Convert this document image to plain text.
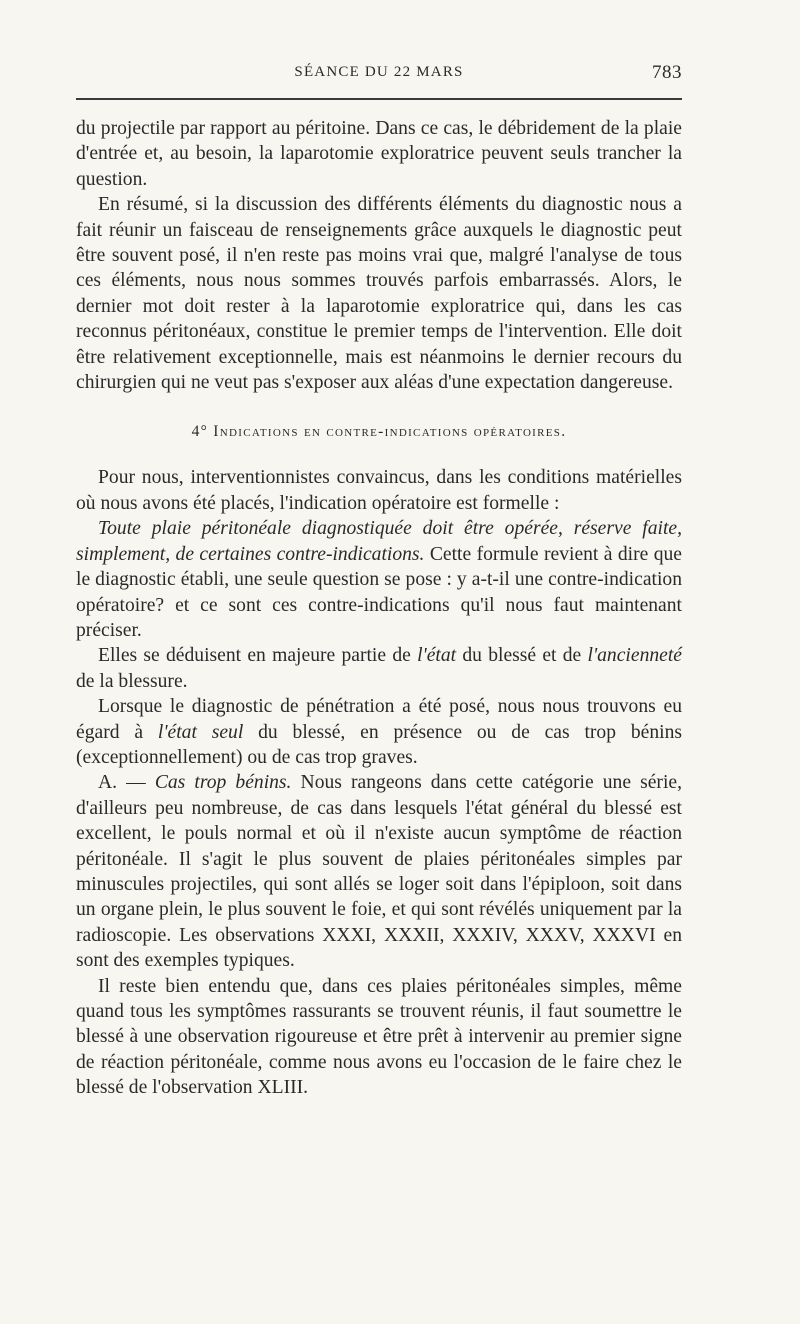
SÉANCE DU 22 MARS	783

du projectile par rapport au péritoine. Dans ce cas, le débridement de la plaie d'entrée et, au besoin, la laparotomie exploratrice peuvent seuls trancher la question.

En résumé, si la discussion des différents éléments du diagnostic nous a fait réunir un faisceau de renseignements grâce auxquels le diagnostic peut être souvent posé, il n'en reste pas moins vrai que, malgré l'analyse de tous ces éléments, nous nous sommes trouvés parfois embarrassés. Alors, le dernier mot doit rester à la laparotomie exploratrice qui, dans les cas reconnus péritonéaux, constitue le premier temps de l'intervention. Elle doit être relativement exceptionnelle, mais est néanmoins le dernier recours du chirurgien qui ne veut pas s'exposer aux aléas d'une expectation dangereuse.

4° Indications en contre-indications opératoires.

Pour nous, interventionnistes convaincus, dans les conditions matérielles où nous avons été placés, l'indication opératoire est formelle :

Toute plaie péritonéale diagnostiquée doit être opérée, réserve faite, simplement, de certaines contre-indications. Cette formule revient à dire que le diagnostic établi, une seule question se pose : y a-t-il une contre-indication opératoire? et ce sont ces contre-indications qu'il nous faut maintenant préciser.

Elles se déduisent en majeure partie de l'état du blessé et de l'ancienneté de la blessure.

Lorsque le diagnostic de pénétration a été posé, nous nous trouvons eu égard à l'état seul du blessé, en présence ou de cas trop bénins (exceptionnellement) ou de cas trop graves.

A. — Cas trop bénins. Nous rangeons dans cette catégorie une série, d'ailleurs peu nombreuse, de cas dans lesquels l'état général du blessé est excellent, le pouls normal et où il n'existe aucun symptôme de réaction péritonéale. Il s'agit le plus souvent de plaies péritonéales simples par minuscules projectiles, qui sont allés se loger soit dans l'épiploon, soit dans un organe plein, le plus souvent le foie, et qui sont révélés uniquement par la radioscopie. Les observations XXXI, XXXII, XXXIV, XXXV, XXXVI en sont des exemples typiques.

Il reste bien entendu que, dans ces plaies péritonéales simples, même quand tous les symptômes rassurants se trouvent réunis, il faut soumettre le blessé à une observation rigoureuse et être prêt à intervenir au premier signe de réaction péritonéale, comme nous avons eu l'occasion de le faire chez le blessé de l'observation XLIII.
